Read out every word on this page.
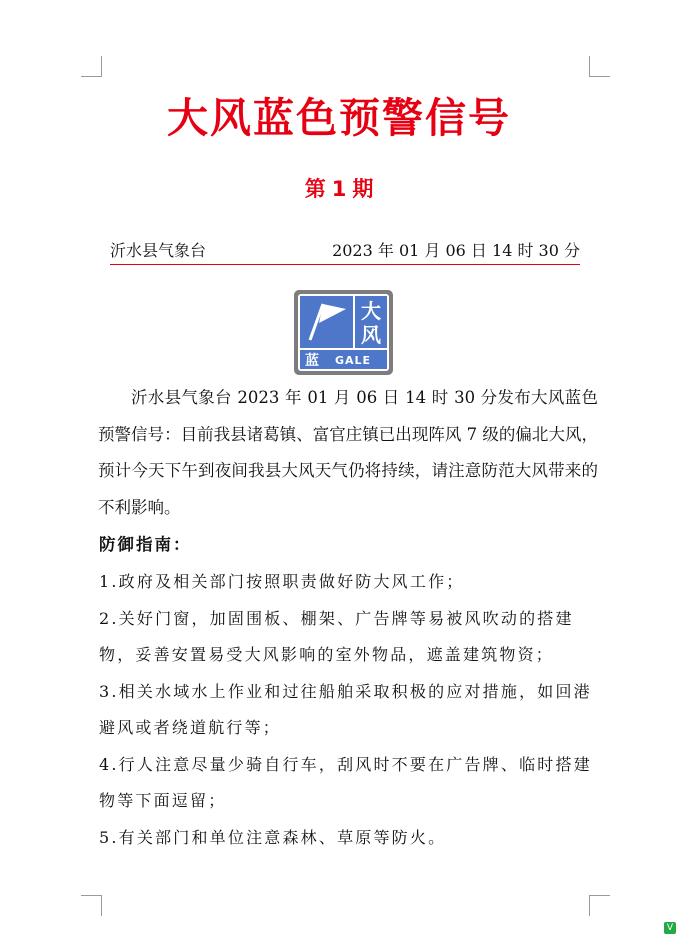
大风蓝色预警信号
第 1 期
沂水县气象台	2023 年 01 月 06 日 14 时 30 分
大
风
蓝 GALE

沂水县气象台 2023 年 01 月 06 日 14 时 30 分发布大风蓝色预警信号：目前我县诸葛镇、富官庄镇已出现阵风 7 级的偏北大风，预计今天下午到夜间我县大风天气仍将持续，请注意防范大风带来的不利影响。

防御指南：

1.政府及相关部门按照职责做好防大风工作；
2.关好门窗，加固围板、棚架、广告牌等易被风吹动的搭建物，妥善安置易受大风影响的室外物品，遮盖建筑物资；
3.相关水域水上作业和过往船舶采取积极的应对措施，如回港避风或者绕道航行等；
4.行人注意尽量少骑自行车，刮风时不要在广告牌、临时搭建物等下面逗留；
5.有关部门和单位注意森林、草原等防火。
V
